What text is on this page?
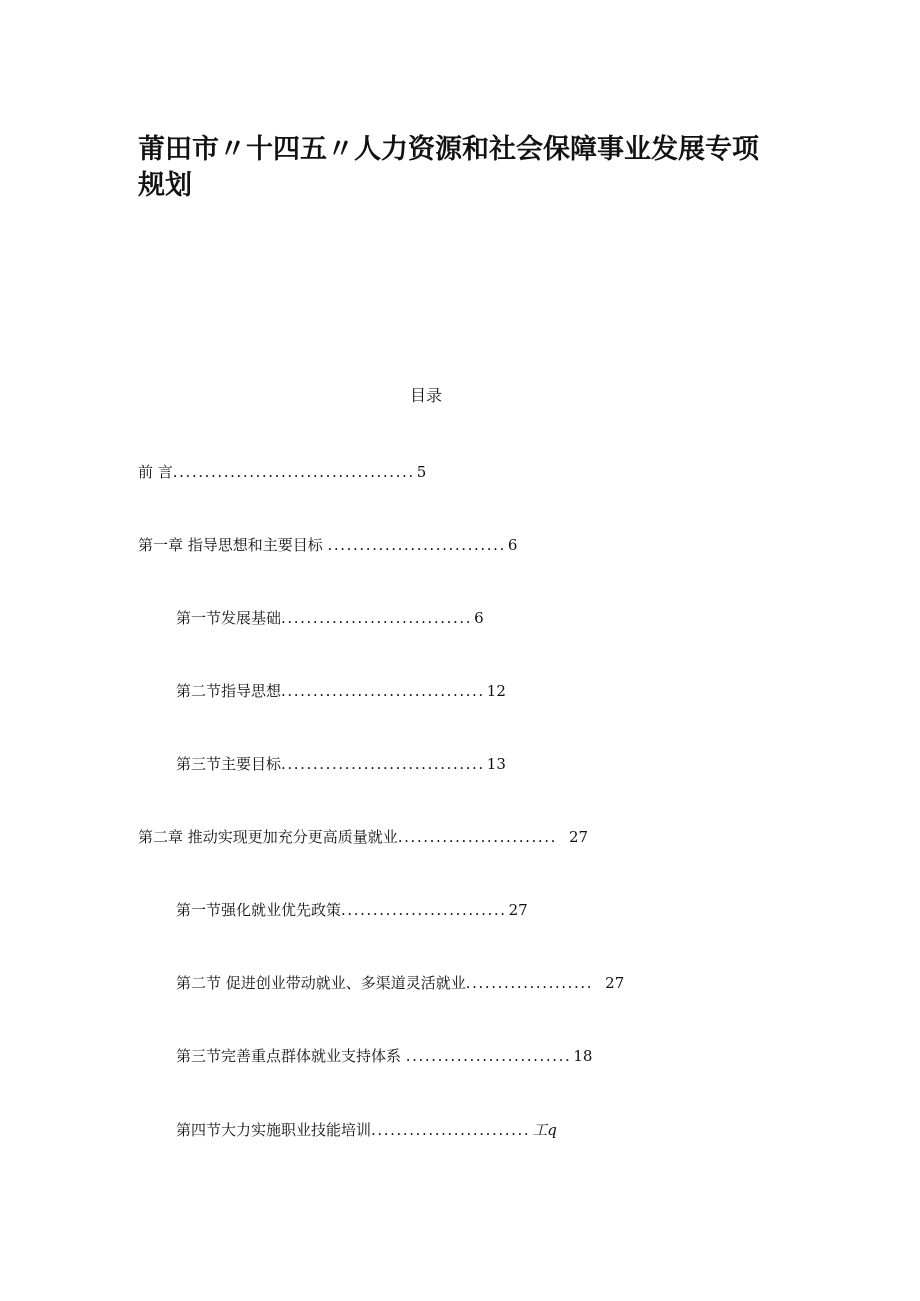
莆田市〃十四五〃人力资源和社会保障事业发展专项规划
目录
前 言...................................... 5
第一章 指导思想和主要目标 ............................ 6
第一节发展基础.............................. 6
第二节指导思想................................ 12
第三节主要目标................................ 13
第二章 推动实现更加充分更高质量就业......................... 27
第一节强化就业优先政策.......................... 27
第二节 促进创业带动就业、多渠道灵活就业.................... 27
第三节完善重点群体就业支持体系 .......................... 18
第四节大力实施职业技能培训......................... 工q
